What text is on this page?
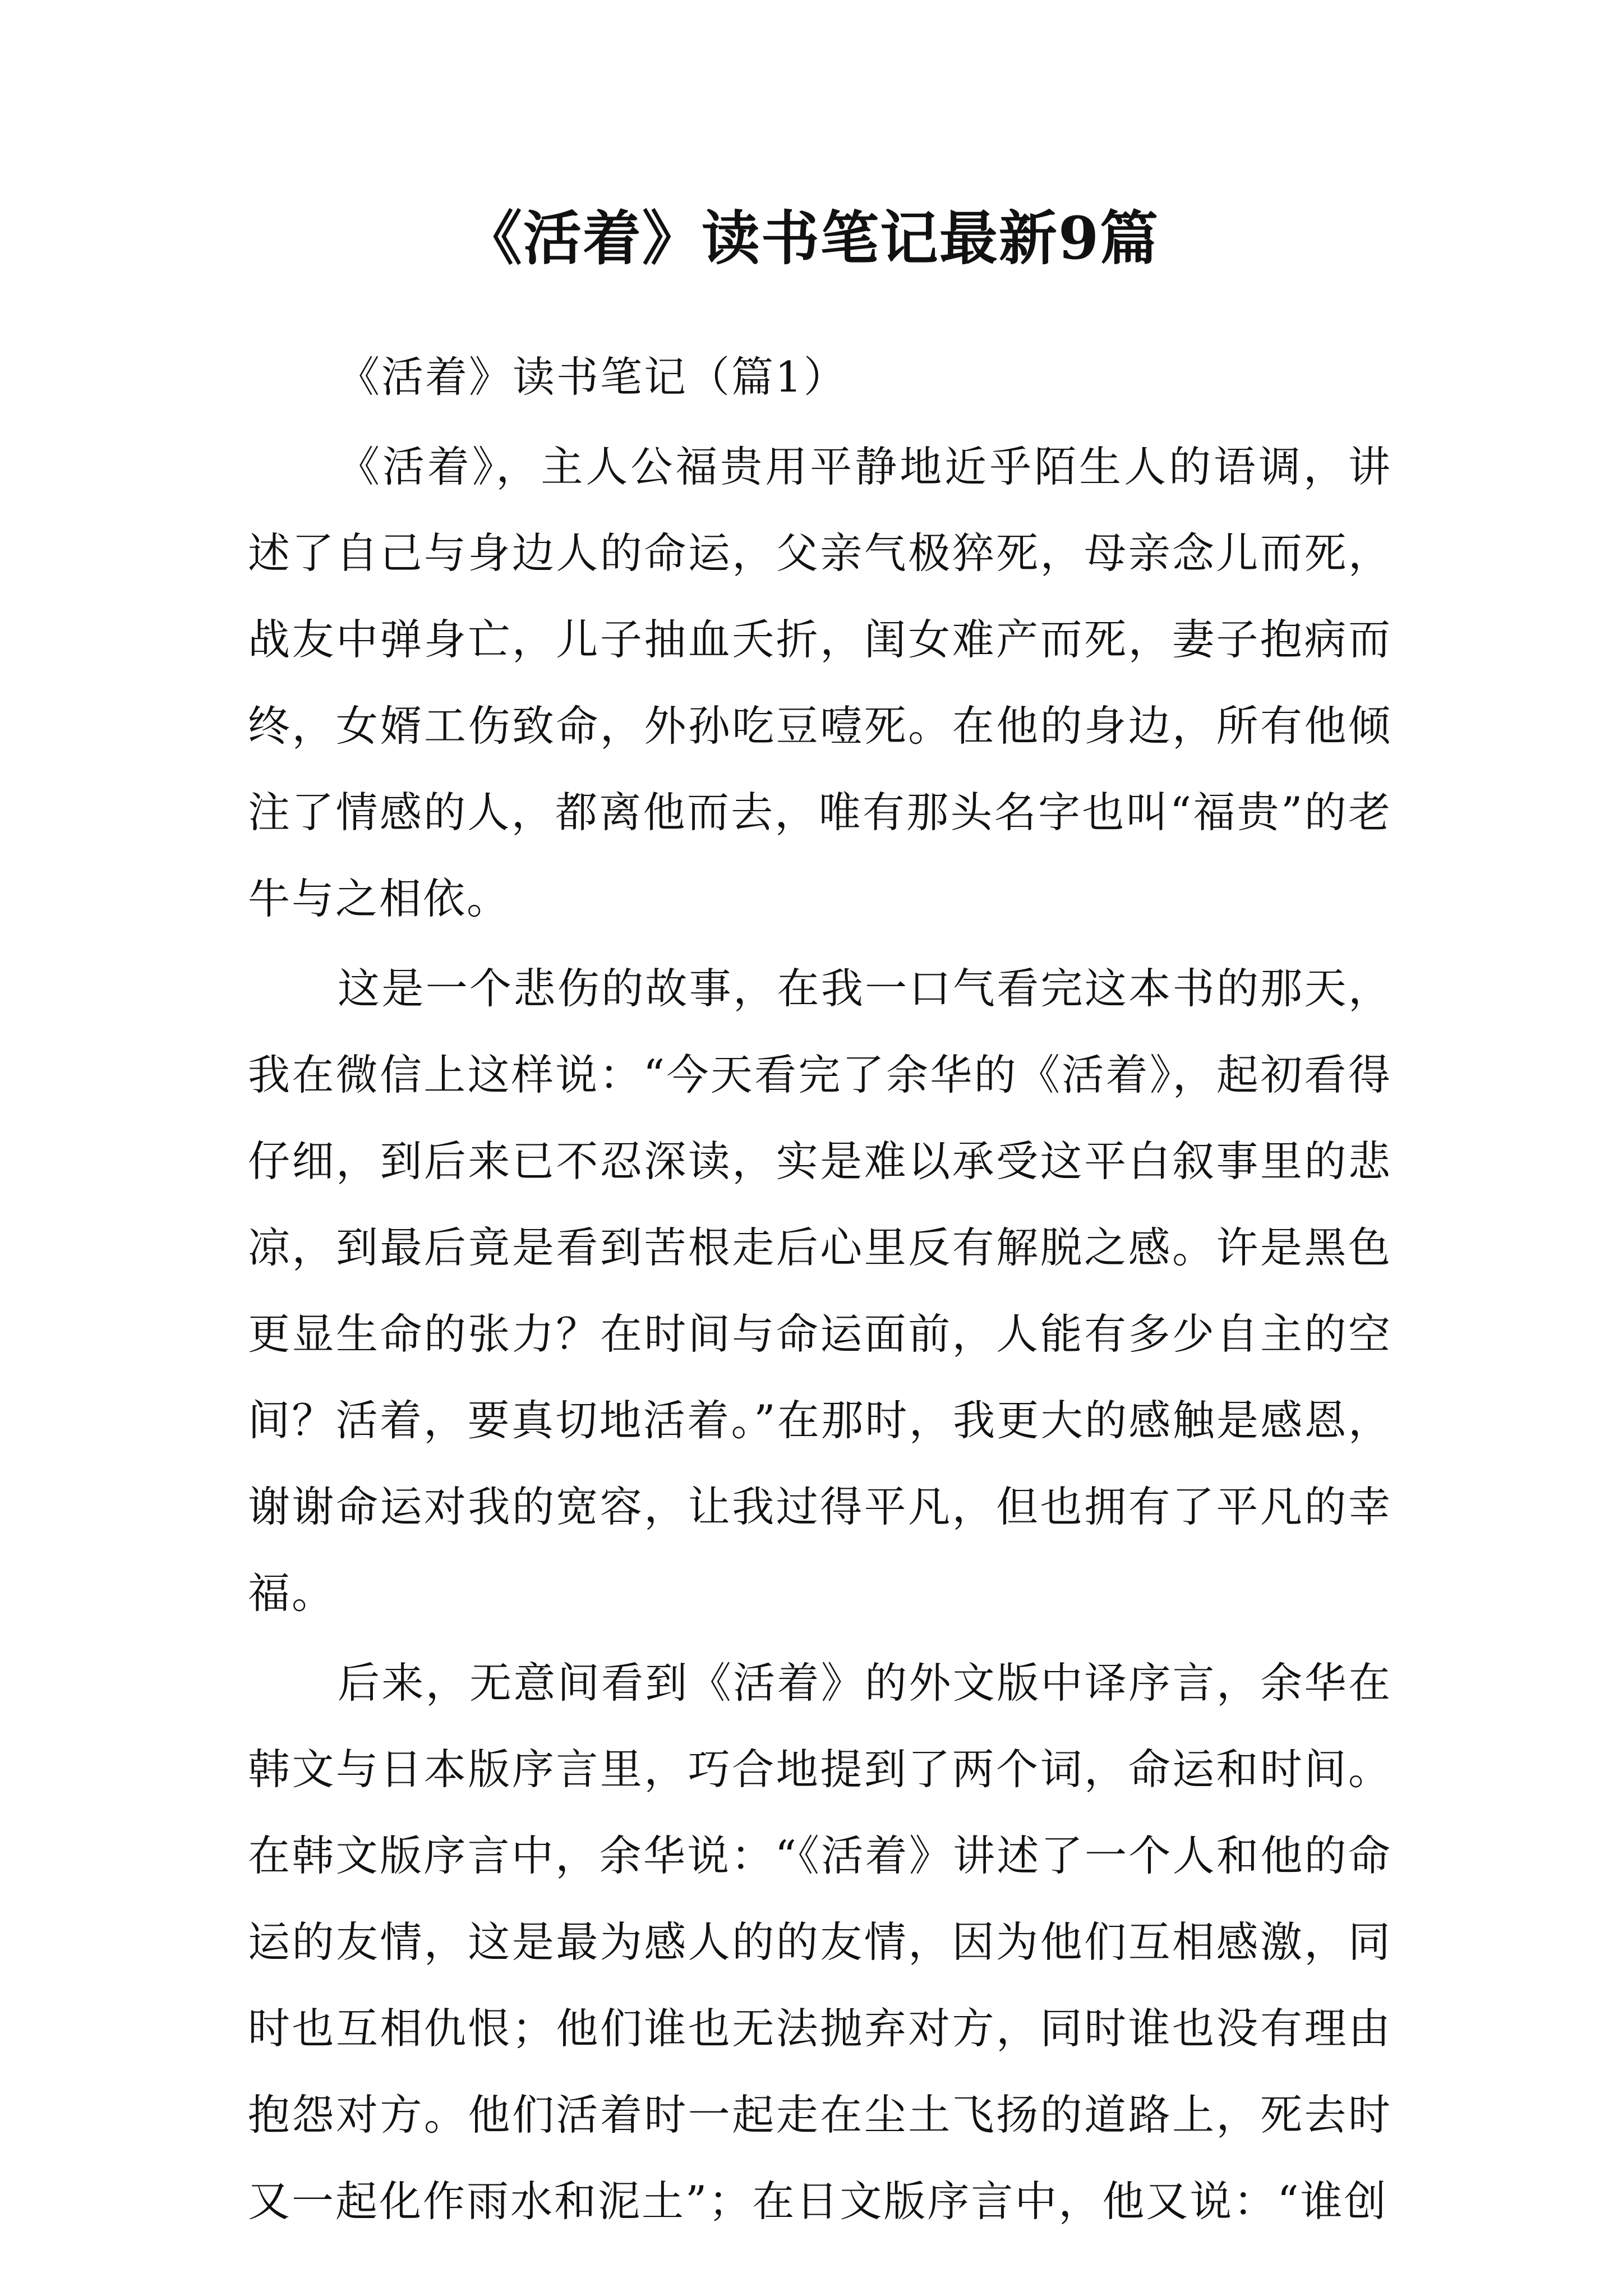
《活着》读书笔记最新9篇
《活着》读书笔记（篇1）

《活着》，主人公福贵用平静地近乎陌生人的语调，讲述了自己与身边人的命运，父亲气极猝死，母亲念儿而死，战友中弹身亡，儿子抽血夭折，闺女难产而死，妻子抱病而终，女婿工伤致命，外孙吃豆噎死。在他的身边，所有他倾注了情感的人，都离他而去，唯有那头名字也叫“福贵”的老牛与之相依。

这是一个悲伤的故事，在我一口气看完这本书的那天，我在微信上这样说：“今天看完了余华的《活着》，起初看得仔细，到后来已不忍深读，实是难以承受这平白叙事里的悲凉，到最后竟是看到苦根走后心里反有解脱之感。许是黑色更显生命的张力？在时间与命运面前，人能有多少自主的空间？活着，要真切地活着。”在那时，我更大的感触是感恩，谢谢命运对我的宽容，让我过得平凡，但也拥有了平凡的幸福。

后来，无意间看到《活着》的外文版中译序言，余华在韩文与日本版序言里，巧合地提到了两个词，命运和时间。在韩文版序言中，余华说：“《活着》讲述了一个人和他的命运的友情，这是最为感人的的友情，因为他们互相感激，同时也互相仇恨；他们谁也无法抛弃对方，同时谁也没有理由抱怨对方。他们活着时一起走在尘土飞扬的道路上，死去时又一起化作雨水和泥土”；在日文版序言中，他又说：“谁创
